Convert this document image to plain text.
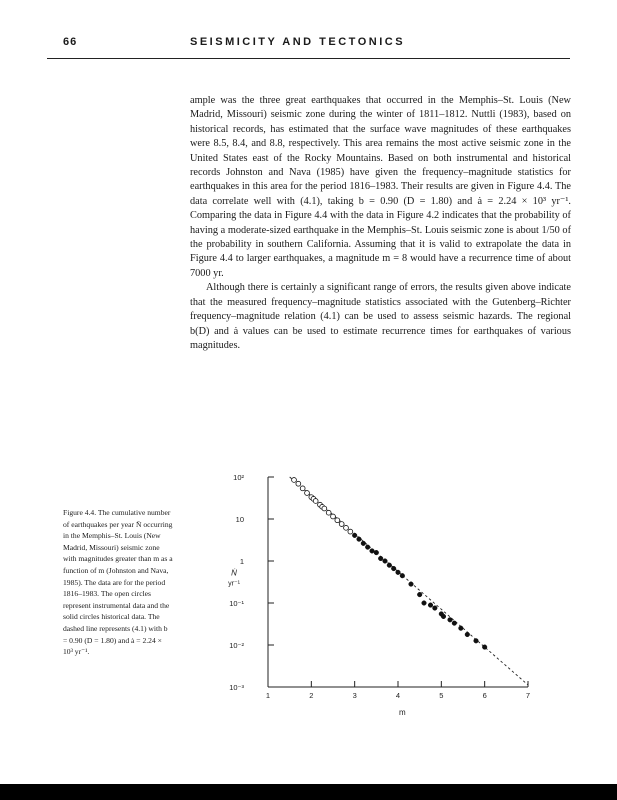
66	SEISMICITY AND TECTONICS

ample was the three great earthquakes that occurred in the Memphis–St. Louis (New Madrid, Missouri) seismic zone during the winter of 1811–1812. Nuttli (1983), based on historical records, has estimated that the surface wave magnitudes of these earthquakes were 8.5, 8.4, and 8.8, respectively. This area remains the most active seismic zone in the United States east of the Rocky Mountains. Based on both instrumental and historical records Johnston and Nava (1985) have given the frequency–magnitude statistics for earthquakes in this area for the period 1816–1983. Their results are given in Figure 4.4. The data correlate well with (4.1), taking b = 0.90 (D = 1.80) and ȧ = 2.24 × 10³ yr⁻¹. Comparing the data in Figure 4.4 with the data in Figure 4.2 indicates that the probability of having a moderate-sized earthquake in the Memphis–St. Louis seismic zone is about 1/50 of the probability in southern California. Assuming that it is valid to extrapolate the data in Figure 4.4 to larger earthquakes, a magnitude m = 8 would have a recurrence time of about 7000 yr.

Although there is certainly a significant range of errors, the results given above indicate that the measured frequency–magnitude statistics associated with the Gutenberg–Richter frequency–magnitude relation (4.1) can be used to assess seismic hazards. The regional b(D) and ȧ values can be used to estimate recurrence times for earthquakes of various magnitudes.

Figure 4.4. The cumulative number of earthquakes per year N̄ occurring in the Memphis–St. Louis (New Madrid, Missouri) seismic zone with magnitudes greater than m as a function of m (Johnston and Nava, 1985). The data are for the period 1816–1983. The open circles represent instrumental data and the solid circles historical data. The dashed line represents (4.1) with b = 0.90 (D = 1.80) and ȧ = 2.24 × 10³ yr⁻¹.
10²
10
1
10⁻¹
10⁻²
10⁻³
1	2	3	4	5	6	7
m
Ṅ
yr⁻¹
